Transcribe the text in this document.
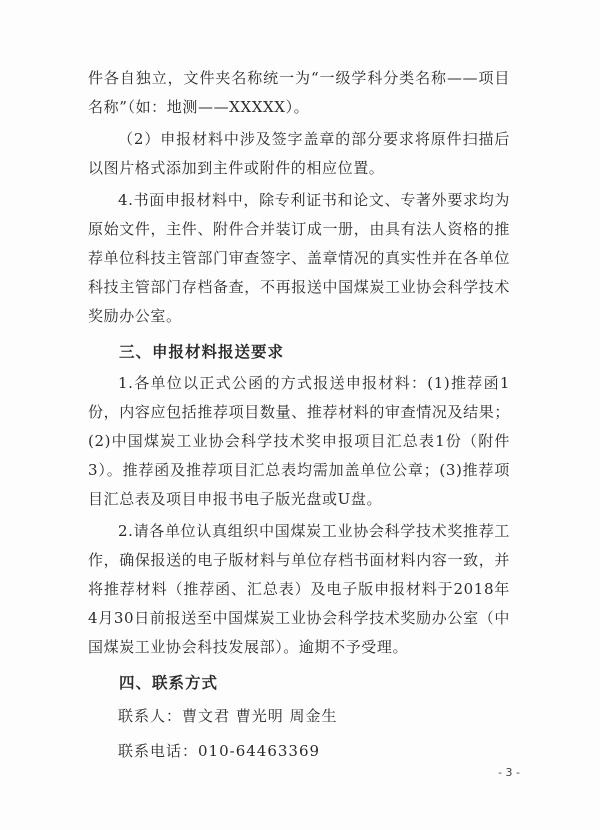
件各自独立，文件夹名称统一为“一级学科分类名称——项目名称”（如：地测——XXXXX）。

（2）申报材料中涉及签字盖章的部分要求将原件扫描后以图片格式添加到主件或附件的相应位置。

4.书面申报材料中，除专利证书和论文、专著外要求均为原始文件，主件、附件合并装订成一册，由具有法人资格的推荐单位科技主管部门审查签字、盖章情况的真实性并在各单位科技主管部门存档备查，不再报送中国煤炭工业协会科学技术奖励办公室。

三、申报材料报送要求

1.各单位以正式公函的方式报送申报材料：(1)推荐函1份，内容应包括推荐项目数量、推荐材料的审查情况及结果；(2)中国煤炭工业协会科学技术奖申报项目汇总表1份（附件3）。推荐函及推荐项目汇总表均需加盖单位公章；(3)推荐项目汇总表及项目申报书电子版光盘或U盘。

2.请各单位认真组织中国煤炭工业协会科学技术奖推荐工作，确保报送的电子版材料与单位存档书面材料内容一致，并将推荐材料（推荐函、汇总表）及电子版申报材料于2018年4月30日前报送至中国煤炭工业协会科学技术奖励办公室（中国煤炭工业协会科技发展部）。逾期不予受理。

四、联系方式

联系人：曹文君 曹光明 周金生

联系电话：010-64463369

- 3 -
